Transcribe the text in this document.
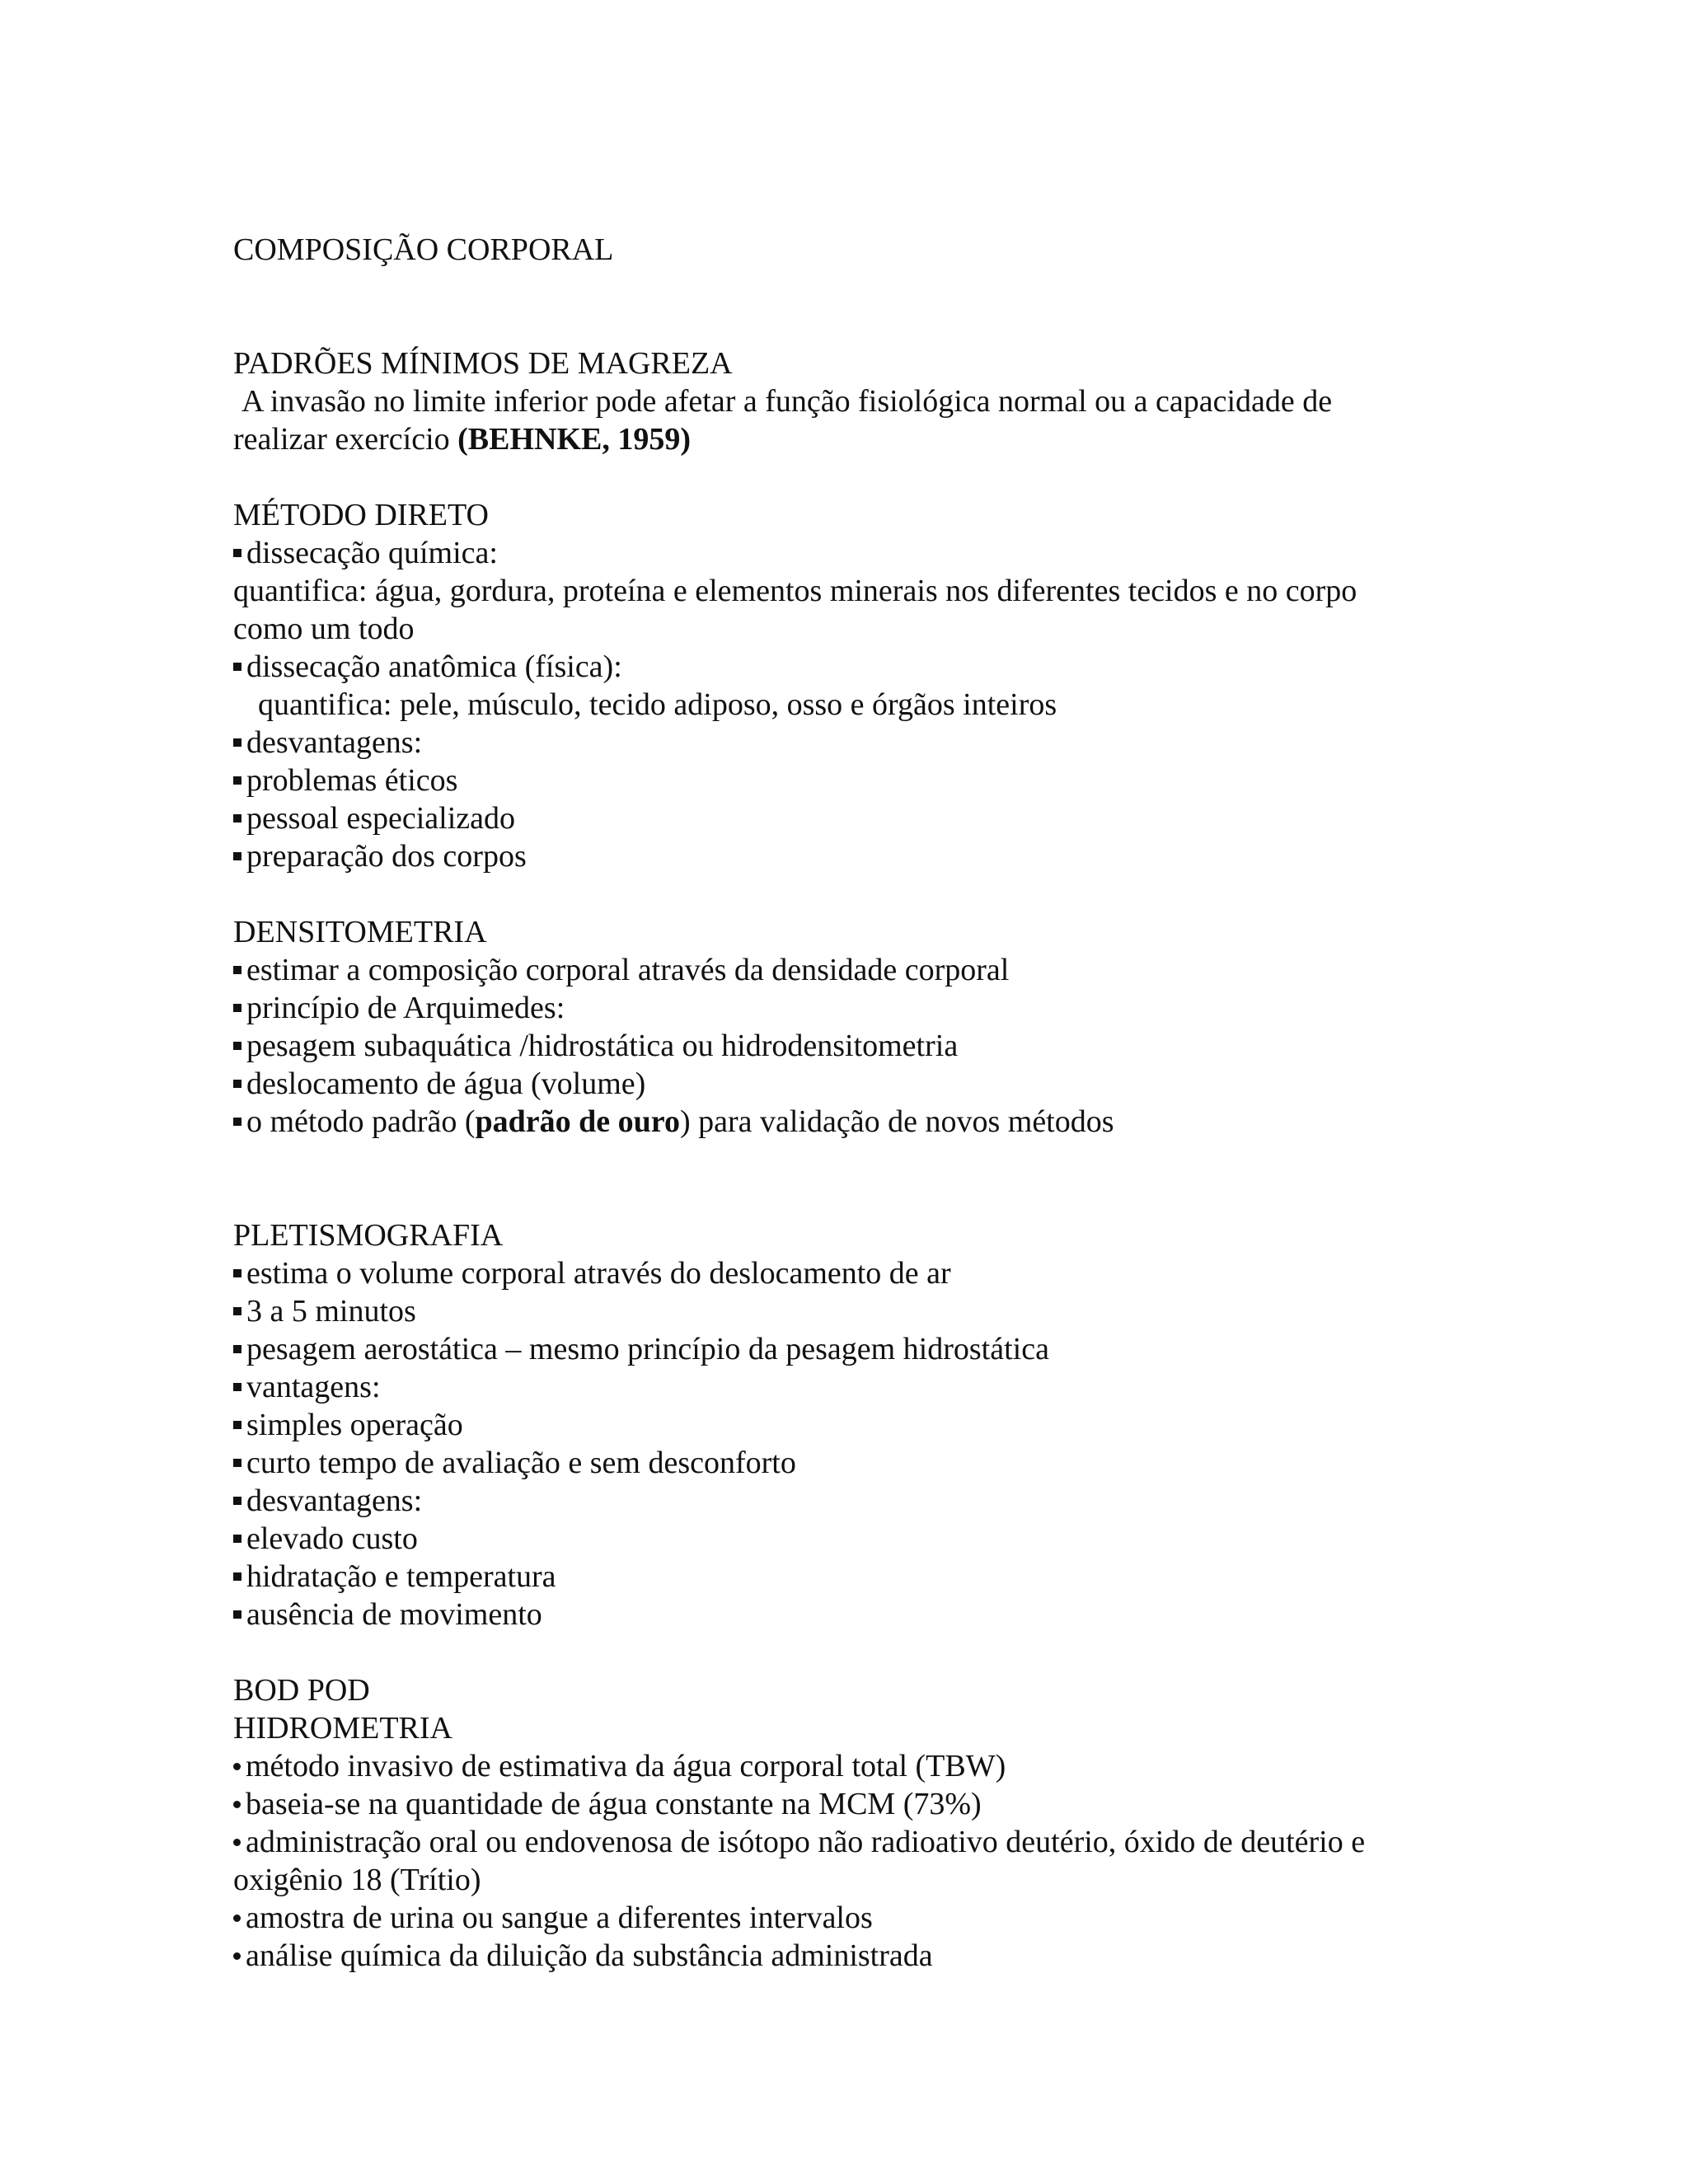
COMPOSIÇÃO CORPORAL
PADRÕES MÍNIMOS DE MAGREZA
A invasão no limite inferior pode afetar a função fisiológica normal ou a capacidade de
realizar exercício (BEHNKE, 1959)
MÉTODO DIRETO
dissecação química:
quantifica: água, gordura, proteína e elementos minerais nos diferentes tecidos e no corpo
como um todo
dissecação anatômica (física):
quantifica: pele, músculo, tecido adiposo, osso e órgãos inteiros
desvantagens:
problemas éticos
pessoal especializado
preparação dos corpos
DENSITOMETRIA
estimar a composição corporal através da densidade corporal
princípio de Arquimedes:
pesagem subaquática /hidrostática ou hidrodensitometria
deslocamento de água (volume)
o método padrão (padrão de ouro) para validação de novos métodos
PLETISMOGRAFIA
estima o volume corporal através do deslocamento de ar
3 a 5 minutos
pesagem aerostática – mesmo princípio da pesagem hidrostática
vantagens:
simples operação
curto tempo de avaliação e sem desconforto
desvantagens:
elevado custo
hidratação e temperatura
ausência de movimento
BOD POD
HIDROMETRIA
método invasivo de estimativa da água corporal total (TBW)
baseia-se na quantidade de água constante na MCM (73%)
administração oral ou endovenosa de isótopo não radioativo deutério, óxido de deutério e
oxigênio 18 (Trítio)
amostra de urina ou sangue a diferentes intervalos
análise química da diluição da substância administrada
